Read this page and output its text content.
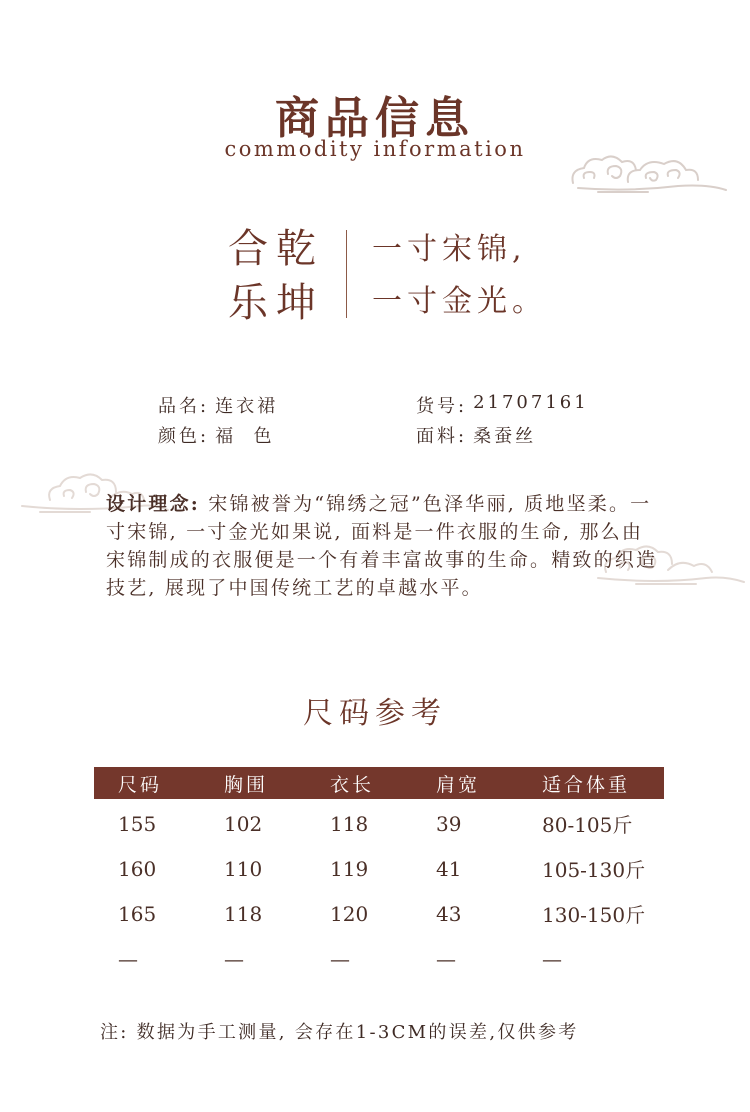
商品信息
commodity information
合乾
乐坤
一寸宋锦,
一寸金光。
品名: 连衣裙	货号: 21707161
颜色: 福  色	面料: 桑蚕丝
设计理念: 宋锦被誉为“锦绣之冠”色泽华丽, 质地坚柔。一寸宋锦, 一寸金光如果说, 面料是一件衣服的生命, 那么由宋锦制成的衣服便是一个有着丰富故事的生命。精致的织造技艺, 展现了中国传统工艺的卓越水平。
尺码参考
尺码	胸围	衣长	肩宽	适合体重
155	102	118	39	80-105斤
160	110	119	41	105-130斤
165	118	120	43	130-150斤
—	—	—	—	—
注: 数据为手工测量, 会存在1-3CM的误差,仅供参考
